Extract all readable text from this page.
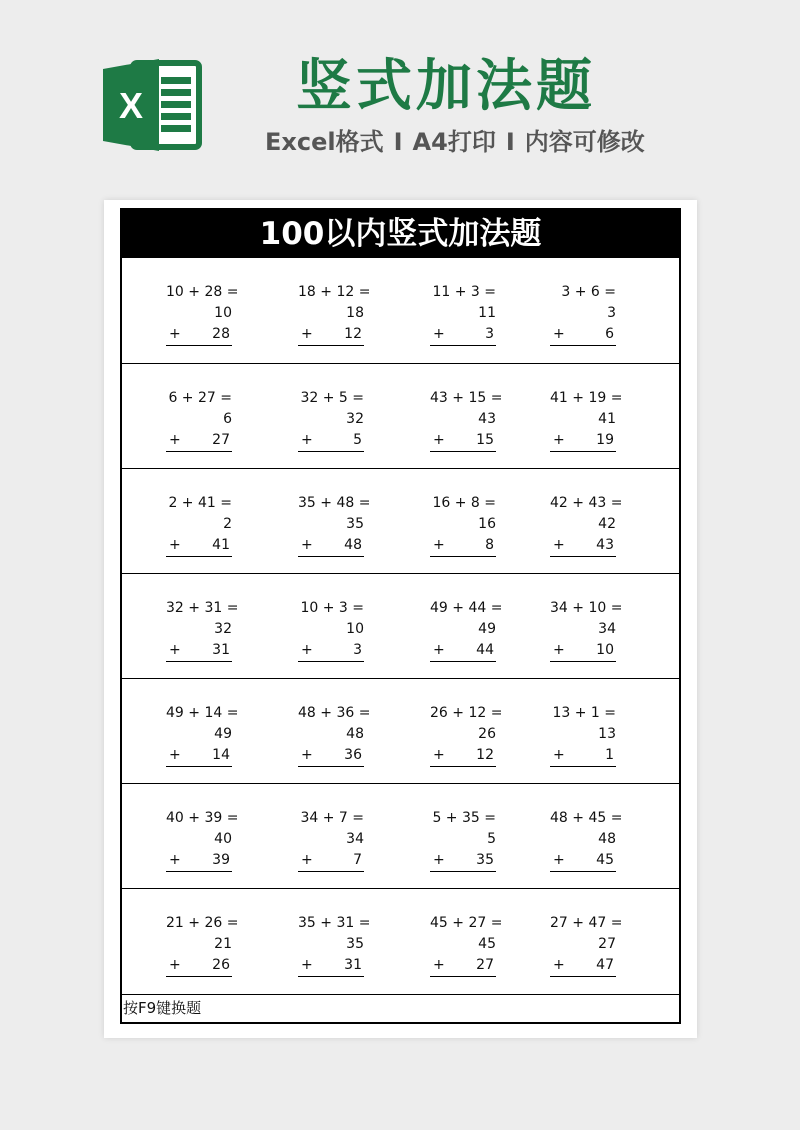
X	竖式加法题
Excel格式 I A4打印 I 内容可修改
100以内竖式加法题
10 + 28 =
10
+ 28
18 + 12 =
18
+ 12
11 + 3 =
11
+	3
3 + 6 =
3
+	6
6 + 27 =
6
+ 27
32 + 5 =
32
+	5
43 + 15 =
43
+ 15
41 + 19 =
41
+ 19
2 + 41 =
2
+ 41
35 + 48 =
35
+ 48
16 + 8 =
16
+	8
42 + 43 =
42
+ 43
32 + 31 =
32
+ 31
10 + 3 =
10
+	3
49 + 44 =
49
+ 44
34 + 10 =
34
+ 10
49 + 14 =
49
+ 14
48 + 36 =
48
+ 36
26 + 12 =
26
+ 12
13 + 1 =
13
+	1
40 + 39 =
40
+ 39
34 + 7 =
34
+	7
5 + 35 =
5
+ 35
48 + 45 =
48
+ 45
21 + 26 =
21
+ 26
35 + 31 =
35
+ 31
45 + 27 =
45
+ 27
27 + 47 =
27
+ 47
按F9键换题
